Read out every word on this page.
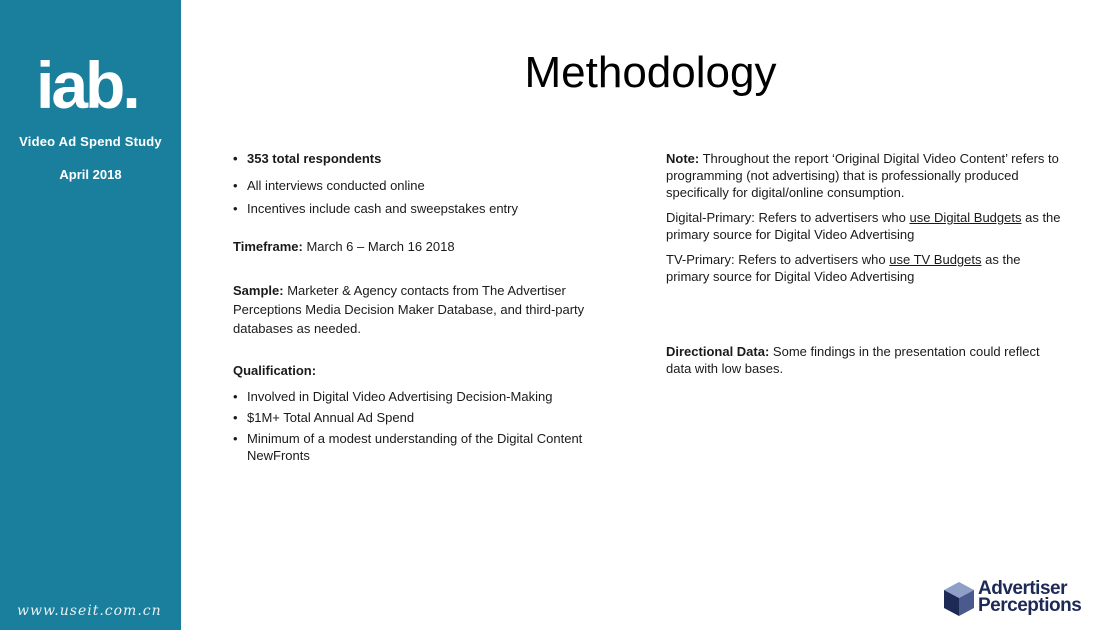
iab.
Video Ad Spend Study
April 2018
www.useit.com.cn
Methodology
• 353 total respondents
• All interviews conducted online
• Incentives include cash and sweepstakes entry

Timeframe: March 6 – March 16 2018

Sample: Marketer & Agency contacts from The Advertiser Perceptions Media Decision Maker Database, and third-party databases as needed.

Qualification:

• Involved in Digital Video Advertising Decision-Making
• $1M+ Total Annual Ad Spend
• Minimum of a modest understanding of the Digital Content NewFronts

Note: Throughout the report ‘Original Digital Video Content’ refers to programming (not advertising) that is professionally produced specifically for digital/online consumption.

Digital-Primary: Refers to advertisers who use Digital Budgets as the primary source for Digital Video Advertising

TV-Primary: Refers to advertisers who use TV Budgets as the primary source for Digital Video Advertising

Directional Data: Some findings in the presentation could reflect data with low bases.

Advertiser
Perceptions
